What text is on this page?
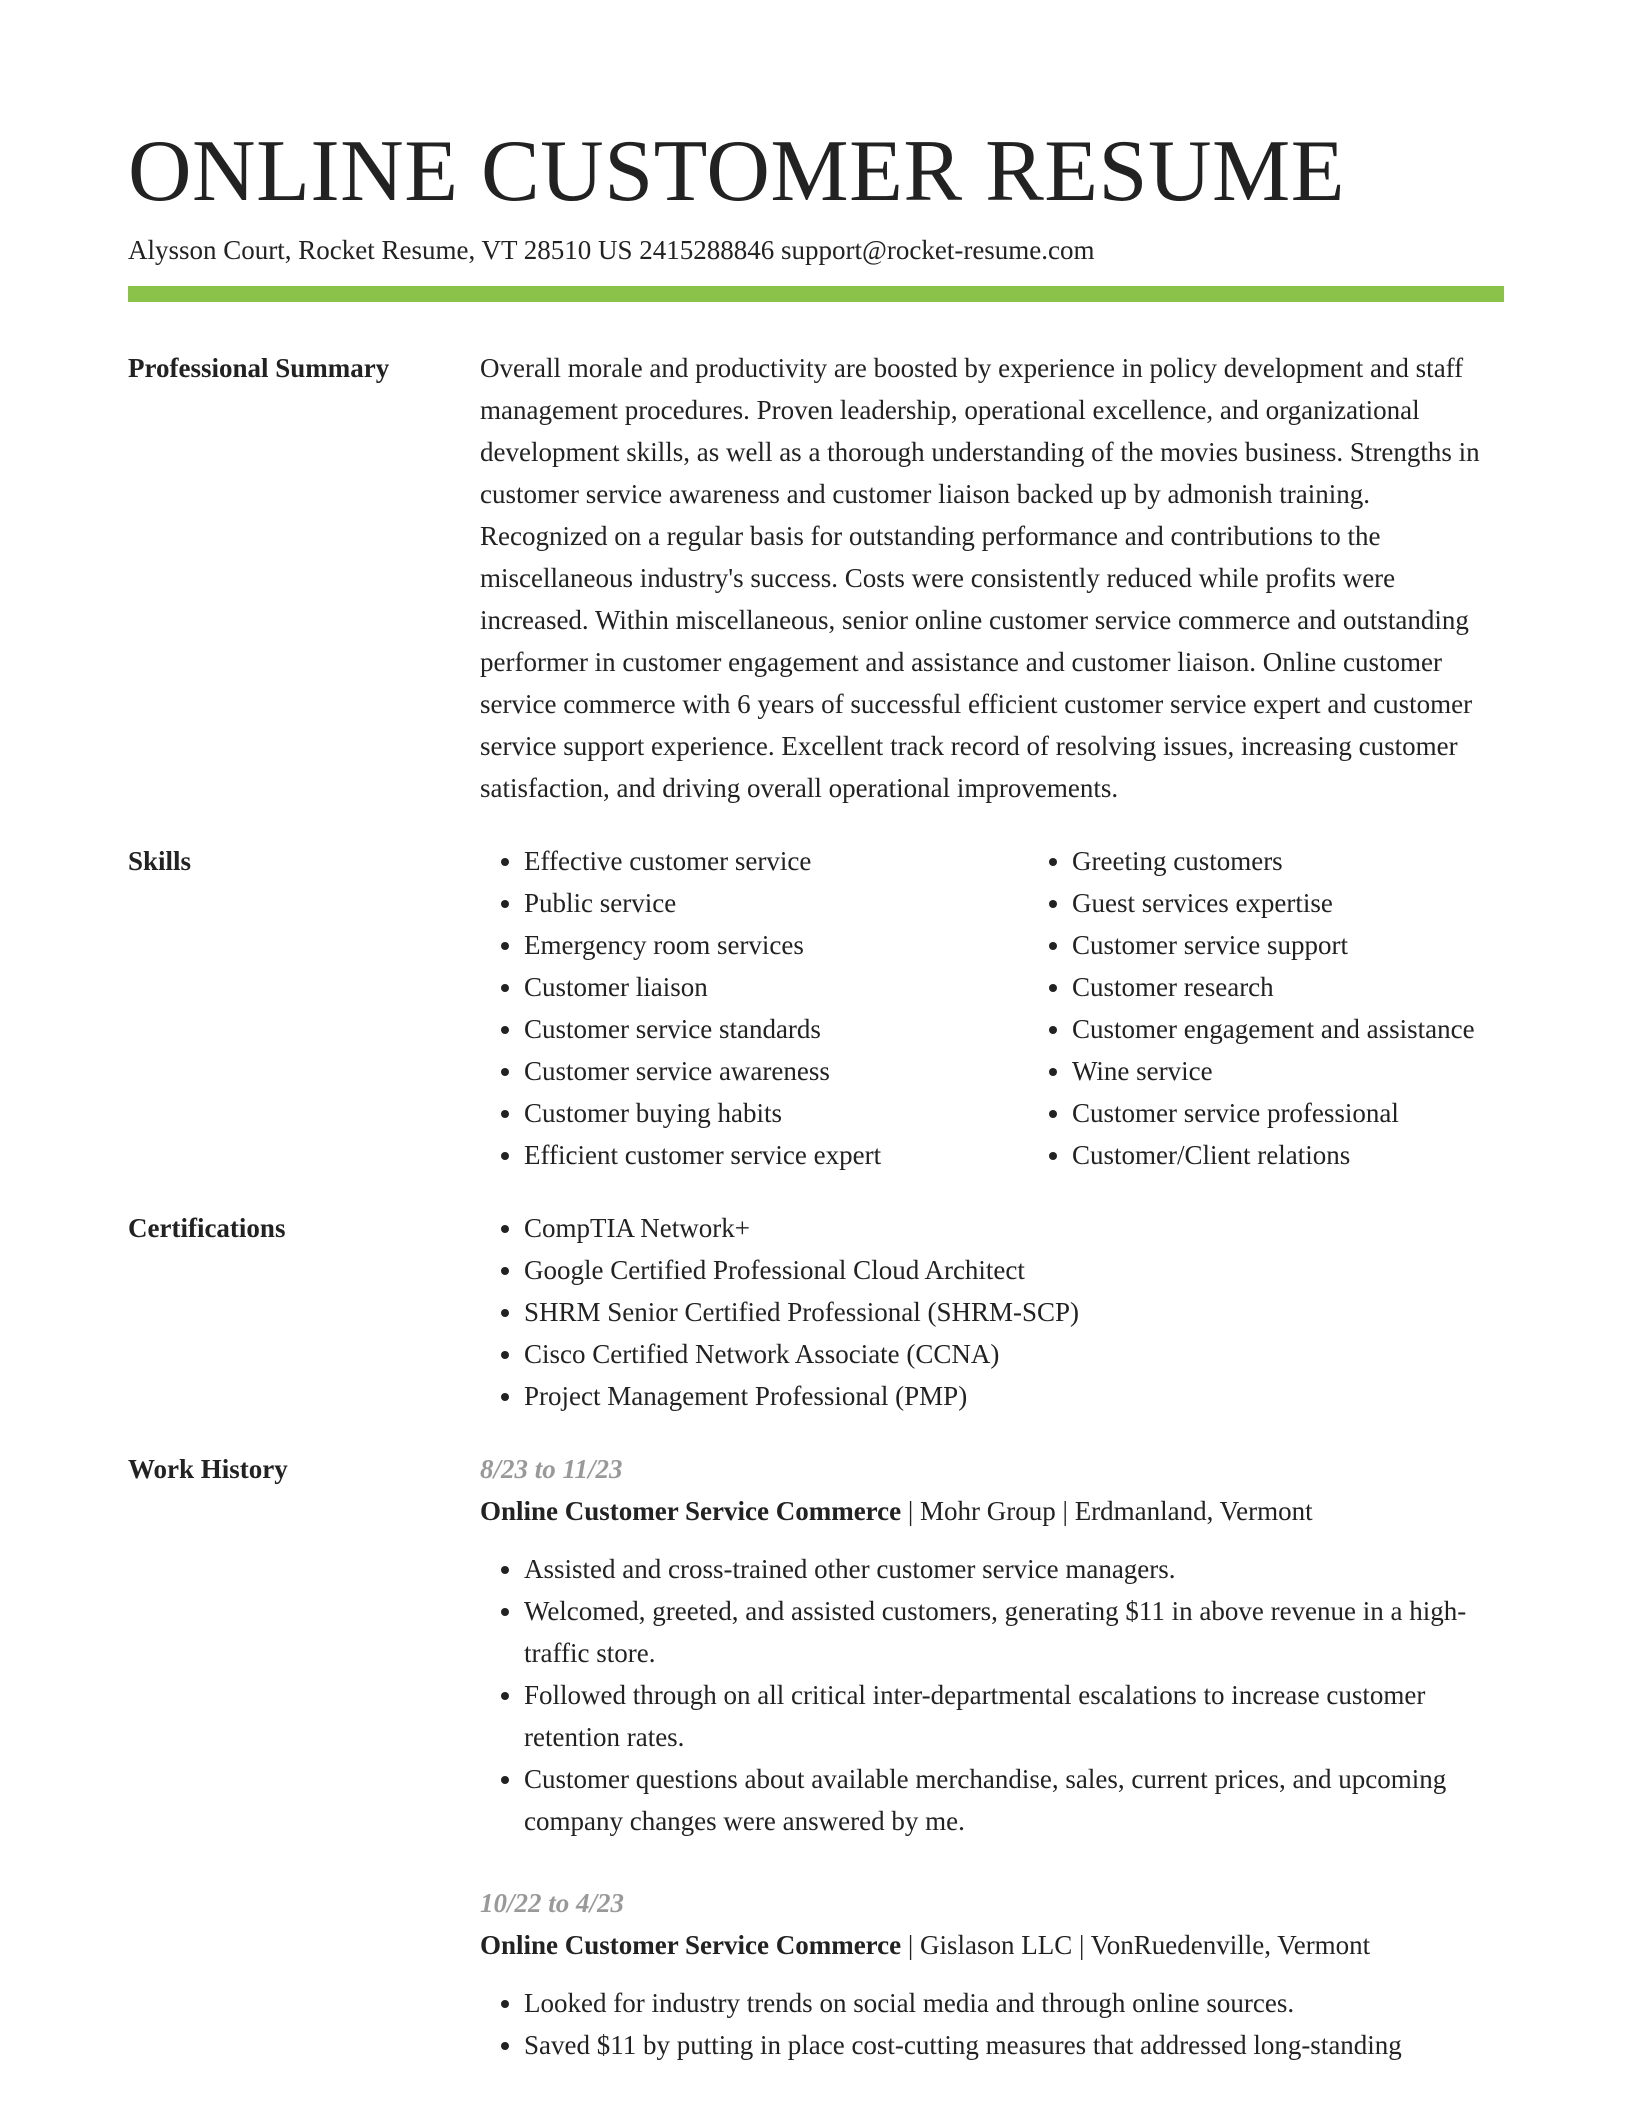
ONLINE CUSTOMER RESUME
Alysson Court, Rocket Resume, VT 28510 US 2415288846 support@rocket-resume.com
Professional Summary	Overall morale and productivity are boosted by experience in policy development and staff management procedures. Proven leadership, operational excellence, and organizational development skills, as well as a thorough understanding of the movies business. Strengths in customer service awareness and customer liaison backed up by admonish training. Recognized on a regular basis for outstanding performance and contributions to the miscellaneous industry's success. Costs were consistently reduced while profits were increased. Within miscellaneous, senior online customer service commerce and outstanding performer in customer engagement and assistance and customer liaison. Online customer service commerce with 6 years of successful efficient customer service expert and customer service support experience. Excellent track record of resolving issues, increasing customer satisfaction, and driving overall operational improvements.

Skills	• Effective customer service
• Public service
• Emergency room services
• Customer liaison
• Customer service standards
• Customer service awareness
• Customer buying habits
• Efficient customer service expert
• Greeting customers
• Guest services expertise
• Customer service support
• Customer research
• Customer engagement and assistance
• Wine service
• Customer service professional
• Customer/Client relations
Certifications	• CompTIA Network+
• Google Certified Professional Cloud Architect
• SHRM Senior Certified Professional (SHRM-SCP)
• Cisco Certified Network Associate (CCNA)
• Project Management Professional (PMP)
Work History	8/23 to 11/23
Online Customer Service Commerce | Mohr Group | Erdmanland, Vermont
• Assisted and cross-trained other customer service managers.
• Welcomed, greeted, and assisted customers, generating $11 in above revenue in a high-traffic store.
• Followed through on all critical inter-departmental escalations to increase customer retention rates.
• Customer questions about available merchandise, sales, current prices, and upcoming company changes were answered by me.
10/22 to 4/23
Online Customer Service Commerce | Gislason LLC | VonRuedenville, Vermont
• Looked for industry trends on social media and through online sources.
• Saved $11 by putting in place cost-cutting measures that addressed long-standing
